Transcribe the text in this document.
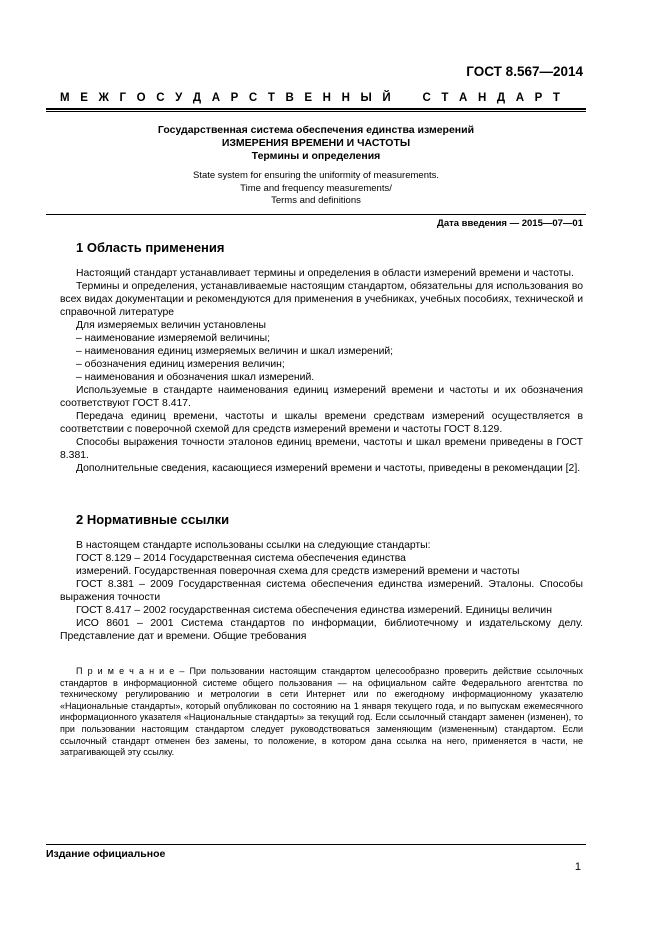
ГОСТ 8.567—2014
М Е Ж Г О С У Д А Р С Т В Е Н Н Ы Й	С Т А Н Д А Р Т
Государственная система обеспечения единства измерений
ИЗМЕРЕНИЯ ВРЕМЕНИ И ЧАСТОТЫ
Термины и определения
State system for ensuring the uniformity of measurements.
Time and frequency measurements/
Terms and definitions
Дата введения — 2015—07—01
1 Область применения

Настоящий стандарт устанавливает термины и определения в области измерений времени и частоты.

Термины и определения, устанавливаемые настоящим стандартом, обязательны для использования во всех видах документации и рекомендуются для применения в учебниках, учебных пособиях, технической и справочной литературе

Для измеряемых величин установлены

– наименование измеряемой величины;

– наименования единиц измеряемых величин и шкал измерений;

– обозначения единиц измерения величин;

– наименования и обозначения шкал измерений.

Используемые в стандарте наименования единиц измерений времени и частоты и их обозначения соответствуют ГОСТ 8.417.

Передача единиц времени, частоты и шкалы времени средствам измерений осуществляется в соответствии с поверочной схемой для средств измерений времени и частоты ГОСТ 8.129.

Способы выражения точности эталонов единиц времени, частоты и шкал времени приведены в ГОСТ 8.381.

Дополнительные сведения, касающиеся измерений времени и частоты, приведены в рекомендации [2].

2 Нормативные ссылки

В настоящем стандарте использованы ссылки на следующие стандарты:

ГОСТ 8.129 – 2014 Государственная система обеспечения единства

измерений. Государственная поверочная схема для средств измерений времени и частоты

ГОСТ 8.381 – 2009 Государственная система обеспечения единства измерений. Эталоны. Способы выражения точности

ГОСТ 8.417 – 2002 государственная система обеспечения единства измерений. Единицы величин

ИСО 8601 – 2001 Система стандартов по информации, библиотечному и издательскому делу. Представление дат и времени. Общие требования

П р и м е ч а н и е – При пользовании настоящим стандартом целесообразно проверить действие ссылочных стандартов в информационной системе общего пользования — на официальном сайте Федерального агентства по техническому регулированию и метрологии в сети Интернет или по ежегодному информационному указателю «Национальные стандарты», который опубликован по состоянию на 1 января текущего года, и по выпускам ежемесячного информационного указателя «Национальные стандарты» за текущий год. Если ссылочный стандарт заменен (изменен), то при пользовании настоящим стандартом следует руководствоваться заменяющим (измененным) стандартом. Если ссылочный стандарт отменен без замены, то положение, в котором дана ссылка на него, применяется в части, не затрагивающей эту ссылку.

Издание официальное
1
